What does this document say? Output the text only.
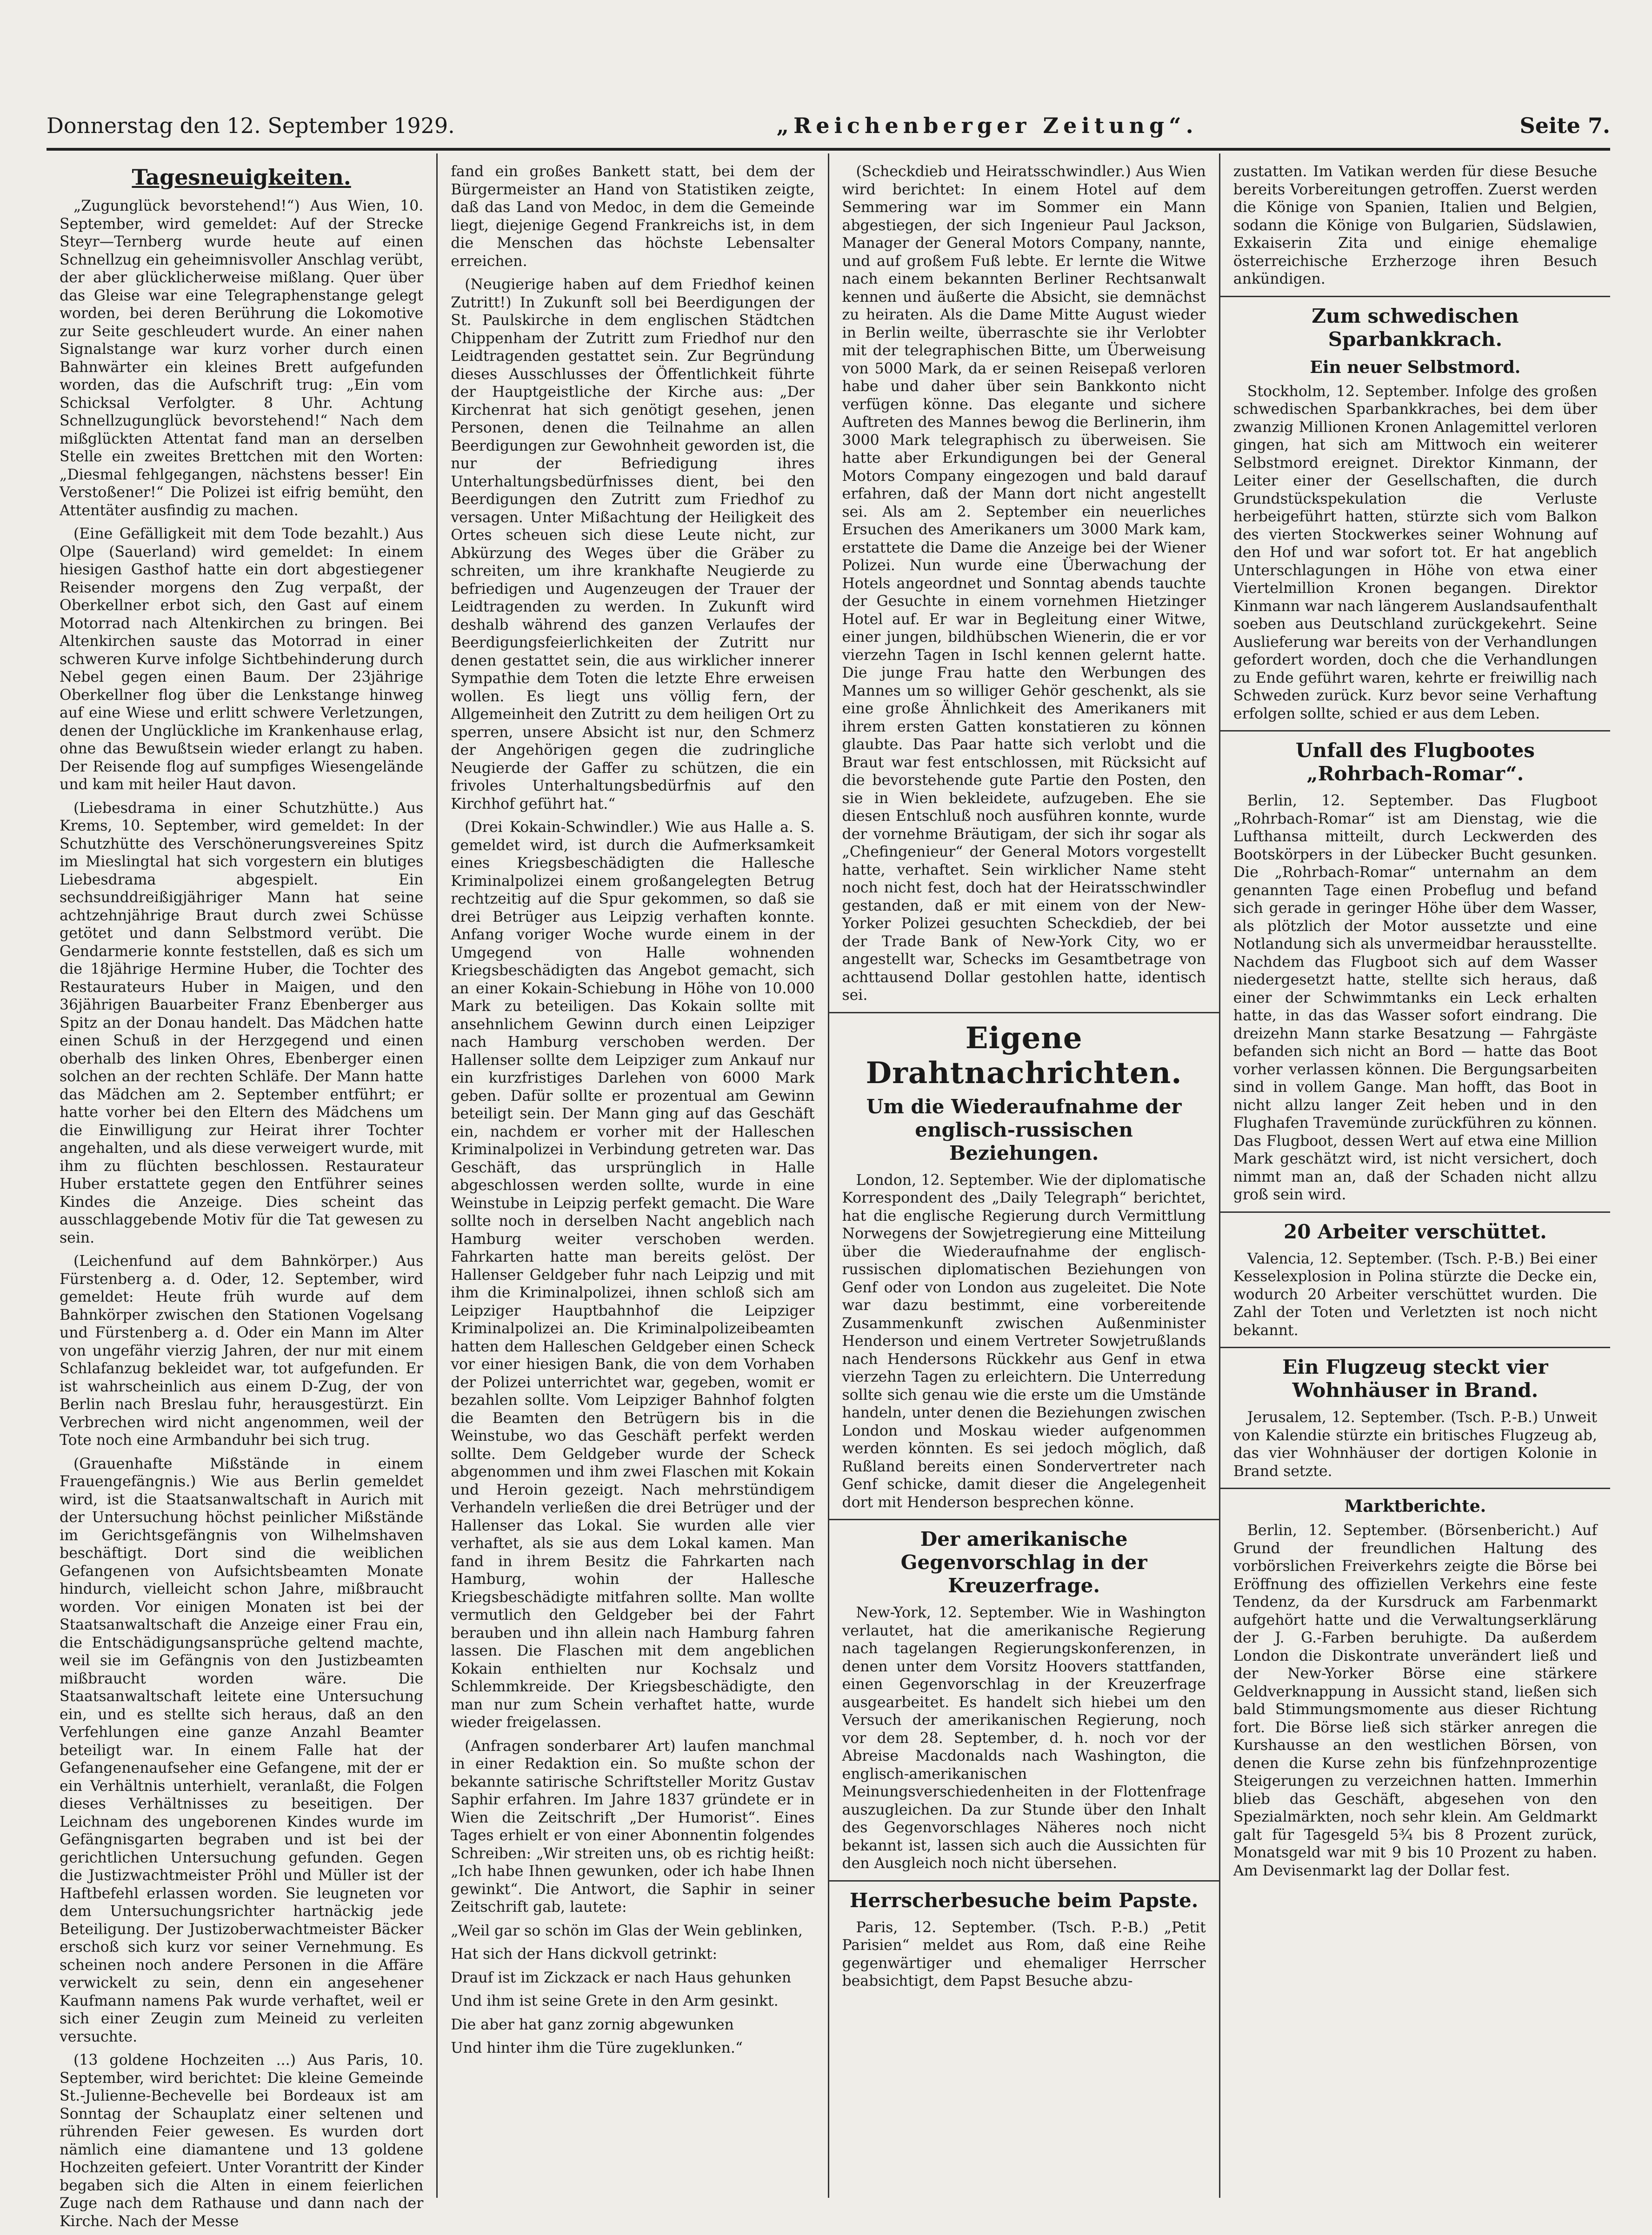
Donnerstag den 12. September 1929.	„Reichenberger Zeitung“.	Seite 7.
Tagesneuigkeiten.

„Zugunglück bevorstehend!“) Aus Wien, 10. September, wird gemeldet: Auf der Strecke Steyr—Ternberg wurde heute auf einen Schnellzug ein geheimnisvoller Anschlag verübt, der aber glücklicherweise mißlang. Quer über das Gleise war eine Telegraphenstange gelegt worden, bei deren Berührung die Lokomotive zur Seite geschleudert wurde. An einer nahen Signalstange war kurz vorher durch einen Bahnwärter ein kleines Brett aufgefunden worden, das die Aufschrift trug: „Ein vom Schicksal Verfolgter. 8 Uhr. Achtung Schnellzugunglück bevorstehend!“ Nach dem mißglückten Attentat fand man an derselben Stelle ein zweites Brettchen mit den Worten: „Diesmal fehlgegangen, nächstens besser! Ein Verstoßener!“ Die Polizei ist eifrig bemüht, den Attentäter ausfindig zu machen.

(Eine Gefälligkeit mit dem Tode bezahlt.) Aus Olpe (Sauerland) wird gemeldet: In einem hiesigen Gasthof hatte ein dort abgestiegener Reisender morgens den Zug verpaßt, der Oberkellner erbot sich, den Gast auf einem Motorrad nach Altenkirchen zu bringen. Bei Altenkirchen sauste das Motorrad in einer schweren Kurve infolge Sichtbehinderung durch Nebel gegen einen Baum. Der 23jährige Oberkellner flog über die Lenkstange hinweg auf eine Wiese und erlitt schwere Verletzungen, denen der Unglückliche im Krankenhause erlag, ohne das Bewußtsein wieder erlangt zu haben. Der Reisende flog auf sumpfiges Wiesengelände und kam mit heiler Haut davon.

(Liebesdrama in einer Schutzhütte.) Aus Krems, 10. September, wird gemeldet: In der Schutzhütte des Verschönerungsvereines Spitz im Mieslingtal hat sich vorgestern ein blutiges Liebesdrama abgespielt. Ein sechsunddreißigjähriger Mann hat seine achtzehnjährige Braut durch zwei Schüsse getötet und dann Selbstmord verübt. Die Gendarmerie konnte feststellen, daß es sich um die 18jährige Hermine Huber, die Tochter des Restaurateurs Huber in Maigen, und den 36jährigen Bauarbeiter Franz Ebenberger aus Spitz an der Donau handelt. Das Mädchen hatte einen Schuß in der Herzgegend und einen oberhalb des linken Ohres, Ebenberger einen solchen an der rechten Schläfe. Der Mann hatte das Mädchen am 2. September entführt; er hatte vorher bei den Eltern des Mädchens um die Einwilligung zur Heirat ihrer Tochter angehalten, und als diese verweigert wurde, mit ihm zu flüchten beschlossen. Restaurateur Huber erstattete gegen den Entführer seines Kindes die Anzeige. Dies scheint das ausschlaggebende Motiv für die Tat gewesen zu sein.

(Leichenfund auf dem Bahnkörper.) Aus Fürstenberg a. d. Oder, 12. September, wird gemeldet: Heute früh wurde auf dem Bahnkörper zwischen den Stationen Vogelsang und Fürstenberg a. d. Oder ein Mann im Alter von ungefähr vierzig Jahren, der nur mit einem Schlafanzug bekleidet war, tot aufgefunden. Er ist wahrscheinlich aus einem D-Zug, der von Berlin nach Breslau fuhr, herausgestürzt. Ein Verbrechen wird nicht angenommen, weil der Tote noch eine Armbanduhr bei sich trug.

(Grauenhafte Mißstände in einem Frauengefängnis.) Wie aus Berlin gemeldet wird, ist die Staatsanwaltschaft in Aurich mit der Untersuchung höchst peinlicher Mißstände im Gerichtsgefängnis von Wilhelmshaven beschäftigt. Dort sind die weiblichen Gefangenen von Aufsichtsbeamten Monate hindurch, vielleicht schon Jahre, mißbraucht worden. Vor einigen Monaten ist bei der Staatsanwaltschaft die Anzeige einer Frau ein, die Entschädigungsansprüche geltend machte, weil sie im Gefängnis von den Justizbeamten mißbraucht worden wäre. Die Staatsanwaltschaft leitete eine Untersuchung ein, und es stellte sich heraus, daß an den Verfehlungen eine ganze Anzahl Beamter beteiligt war. In einem Falle hat der Gefangenenaufseher eine Gefangene, mit der er ein Verhältnis unterhielt, veranlaßt, die Folgen dieses Verhältnisses zu beseitigen. Der Leichnam des ungeborenen Kindes wurde im Gefängnisgarten begraben und ist bei der gerichtlichen Untersuchung gefunden. Gegen die Justizwachtmeister Pröhl und Müller ist der Haftbefehl erlassen worden. Sie leugneten vor dem Untersuchungsrichter hartnäckig jede Beteiligung. Der Justizoberwachtmeister Bäcker erschoß sich kurz vor seiner Vernehmung. Es scheinen noch andere Personen in die Affäre verwickelt zu sein, denn ein angesehener Kaufmann namens Pak wurde verhaftet, weil er sich einer Zeugin zum Meineid zu verleiten versuchte.

(13 goldene Hochzeiten ...) Aus Paris, 10. September, wird berichtet: Die kleine Gemeinde St.-Julienne-Bechevelle bei Bordeaux ist am Sonntag der Schauplatz einer seltenen und rührenden Feier gewesen. Es wurden dort nämlich eine diamantene und 13 goldene Hochzeiten gefeiert. Unter Vorantritt der Kinder begaben sich die Alten in einem feierlichen Zuge nach dem Rathause und dann nach der Kirche. Nach der Messe

fand ein großes Bankett statt, bei dem der Bürgermeister an Hand von Statistiken zeigte, daß das Land von Medoc, in dem die Gemeinde liegt, diejenige Gegend Frankreichs ist, in dem die Menschen das höchste Lebensalter erreichen.

(Neugierige haben auf dem Friedhof keinen Zutritt!) In Zukunft soll bei Beerdigungen der St. Paulskirche in dem englischen Städtchen Chippenham der Zutritt zum Friedhof nur den Leidtragenden gestattet sein. Zur Begründung dieses Ausschlusses der Öffentlichkeit führte der Hauptgeistliche der Kirche aus: „Der Kirchenrat hat sich genötigt gesehen, jenen Personen, denen die Teilnahme an allen Beerdigungen zur Gewohnheit geworden ist, die nur der Befriedigung ihres Unterhaltungsbedürfnisses dient, bei den Beerdigungen den Zutritt zum Friedhof zu versagen. Unter Mißachtung der Heiligkeit des Ortes scheuen sich diese Leute nicht, zur Abkürzung des Weges über die Gräber zu schreiten, um ihre krankhafte Neugierde zu befriedigen und Augenzeugen der Trauer der Leidtragenden zu werden. In Zukunft wird deshalb während des ganzen Verlaufes der Beerdigungsfeierlichkeiten der Zutritt nur denen gestattet sein, die aus wirklicher innerer Sympathie dem Toten die letzte Ehre erweisen wollen. Es liegt uns völlig fern, der Allgemeinheit den Zutritt zu dem heiligen Ort zu sperren, unsere Absicht ist nur, den Schmerz der Angehörigen gegen die zudringliche Neugierde der Gaffer zu schützen, die ein frivoles Unterhaltungsbedürfnis auf den Kirchhof geführt hat.“

(Drei Kokain-Schwindler.) Wie aus Halle a. S. gemeldet wird, ist durch die Aufmerksamkeit eines Kriegsbeschädigten die Hallesche Kriminalpolizei einem großangelegten Betrug rechtzeitig auf die Spur gekommen, so daß sie drei Betrüger aus Leipzig verhaften konnte. Anfang voriger Woche wurde einem in der Umgegend von Halle wohnenden Kriegsbeschädigten das Angebot gemacht, sich an einer Kokain-Schiebung in Höhe von 10.000 Mark zu beteiligen. Das Kokain sollte mit ansehnlichem Gewinn durch einen Leipziger nach Hamburg verschoben werden. Der Hallenser sollte dem Leipziger zum Ankauf nur ein kurzfristiges Darlehen von 6000 Mark geben. Dafür sollte er prozentual am Gewinn beteiligt sein. Der Mann ging auf das Geschäft ein, nachdem er vorher mit der Halleschen Kriminalpolizei in Verbindung getreten war. Das Geschäft, das ursprünglich in Halle abgeschlossen werden sollte, wurde in eine Weinstube in Leipzig perfekt gemacht. Die Ware sollte noch in derselben Nacht angeblich nach Hamburg weiter verschoben werden. Fahrkarten hatte man bereits gelöst. Der Hallenser Geldgeber fuhr nach Leipzig und mit ihm die Kriminalpolizei, ihnen schloß sich am Leipziger Hauptbahnhof die Leipziger Kriminalpolizei an. Die Kriminalpolizeibeamten hatten dem Halleschen Geldgeber einen Scheck vor einer hiesigen Bank, die von dem Vorhaben der Polizei unterrichtet war, gegeben, womit er bezahlen sollte. Vom Leipziger Bahnhof folgten die Beamten den Betrügern bis in die Weinstube, wo das Geschäft perfekt werden sollte. Dem Geldgeber wurde der Scheck abgenommen und ihm zwei Flaschen mit Kokain und Heroin gezeigt. Nach mehrstündigem Verhandeln verließen die drei Betrüger und der Hallenser das Lokal. Sie wurden alle vier verhaftet, als sie aus dem Lokal kamen. Man fand in ihrem Besitz die Fahrkarten nach Hamburg, wohin der Hallesche Kriegsbeschädigte mitfahren sollte. Man wollte vermutlich den Geldgeber bei der Fahrt berauben und ihn allein nach Hamburg fahren lassen. Die Flaschen mit dem angeblichen Kokain enthielten nur Kochsalz und Schlemmkreide. Der Kriegsbeschädigte, den man nur zum Schein verhaftet hatte, wurde wieder freigelassen.

(Anfragen sonderbarer Art) laufen manchmal in einer Redaktion ein. So mußte schon der bekannte satirische Schriftsteller Moritz Gustav Saphir erfahren. Im Jahre 1837 gründete er in Wien die Zeitschrift „Der Humorist“. Eines Tages erhielt er von einer Abonnentin folgendes Schreiben: „Wir streiten uns, ob es richtig heißt: „Ich habe Ihnen gewunken, oder ich habe Ihnen gewinkt“. Die Antwort, die Saphir in seiner Zeitschrift gab, lautete:

„Weil gar so schön im Glas der Wein geblinken,

Hat sich der Hans dickvoll getrinkt:

Drauf ist im Zickzack er nach Haus gehunken

Und ihm ist seine Grete in den Arm gesinkt.

Die aber hat ganz zornig abgewunken

Und hinter ihm die Türe zugeklunken.“

(Scheckdieb und Heiratsschwindler.) Aus Wien wird berichtet: In einem Hotel auf dem Semmering war im Sommer ein Mann abgestiegen, der sich Ingenieur Paul Jackson, Manager der General Motors Company, nannte, und auf großem Fuß lebte. Er lernte die Witwe nach einem bekannten Berliner Rechtsanwalt kennen und äußerte die Absicht, sie demnächst zu heiraten. Als die Dame Mitte August wieder in Berlin weilte, überraschte sie ihr Verlobter mit der telegraphischen Bitte, um Überweisung von 5000 Mark, da er seinen Reisepaß verloren habe und daher über sein Bankkonto nicht verfügen könne. Das elegante und sichere Auftreten des Mannes bewog die Berlinerin, ihm 3000 Mark telegraphisch zu überweisen. Sie hatte aber Erkundigungen bei der General Motors Company eingezogen und bald darauf erfahren, daß der Mann dort nicht angestellt sei. Als am 2. September ein neuerliches Ersuchen des Amerikaners um 3000 Mark kam, erstattete die Dame die Anzeige bei der Wiener Polizei. Nun wurde eine Überwachung der Hotels angeordnet und Sonntag abends tauchte der Gesuchte in einem vornehmen Hietzinger Hotel auf. Er war in Begleitung einer Witwe, einer jungen, bildhübschen Wienerin, die er vor vierzehn Tagen in Ischl kennen gelernt hatte. Die junge Frau hatte den Werbungen des Mannes um so williger Gehör geschenkt, als sie eine große Ähnlichkeit des Amerikaners mit ihrem ersten Gatten konstatieren zu können glaubte. Das Paar hatte sich verlobt und die Braut war fest entschlossen, mit Rücksicht auf die bevorstehende gute Partie den Posten, den sie in Wien bekleidete, aufzugeben. Ehe sie diesen Entschluß noch ausführen konnte, wurde der vornehme Bräutigam, der sich ihr sogar als „Chefingenieur“ der General Motors vorgestellt hatte, verhaftet. Sein wirklicher Name steht noch nicht fest, doch hat der Heiratsschwindler gestanden, daß er mit einem von der New-Yorker Polizei gesuchten Scheckdieb, der bei der Trade Bank of New-York City, wo er angestellt war, Schecks im Gesamtbetrage von achttausend Dollar gestohlen hatte, identisch sei.

Eigene Drahtnachrichten.
Um die Wiederaufnahme der englisch-russischen Beziehungen.

London, 12. September. Wie der diplomatische Korrespondent des „Daily Telegraph“ berichtet, hat die englische Regierung durch Vermittlung Norwegens der Sowjetregierung eine Mitteilung über die Wiederaufnahme der englisch-russischen diplomatischen Beziehungen von Genf oder von London aus zugeleitet. Die Note war dazu bestimmt, eine vorbereitende Zusammenkunft zwischen Außenminister Henderson und einem Vertreter Sowjetrußlands nach Hendersons Rückkehr aus Genf in etwa vierzehn Tagen zu erleichtern. Die Unterredung sollte sich genau wie die erste um die Umstände handeln, unter denen die Beziehungen zwischen London und Moskau wieder aufgenommen werden könnten. Es sei jedoch möglich, daß Rußland bereits einen Sondervertreter nach Genf schicke, damit dieser die Angelegenheit dort mit Henderson besprechen könne.

Der amerikanische Gegenvorschlag in der Kreuzerfrage.

New-York, 12. September. Wie in Washington verlautet, hat die amerikanische Regierung nach tagelangen Regierungskonferenzen, in denen unter dem Vorsitz Hoovers stattfanden, einen Gegenvorschlag in der Kreuzerfrage ausgearbeitet. Es handelt sich hiebei um den Versuch der amerikanischen Regierung, noch vor dem 28. September, d. h. noch vor der Abreise Macdonalds nach Washington, die englisch-amerikanischen Meinungsverschiedenheiten in der Flottenfrage auszugleichen. Da zur Stunde über den Inhalt des Gegenvorschlages Näheres noch nicht bekannt ist, lassen sich auch die Aussichten für den Ausgleich noch nicht übersehen.

Herrscherbesuche beim Papste.

Paris, 12. September. (Tsch. P.-B.) „Petit Parisien“ meldet aus Rom, daß eine Reihe gegenwärtiger und ehemaliger Herrscher beabsichtigt, dem Papst Besuche abzu-

zustatten. Im Vatikan werden für diese Besuche bereits Vorbereitungen getroffen. Zuerst werden die Könige von Spanien, Italien und Belgien, sodann die Könige von Bulgarien, Südslawien, Exkaiserin Zita und einige ehemalige österreichische Erzherzoge ihren Besuch ankündigen.

Zum schwedischen Sparbankkrach.
Ein neuer Selbstmord.

Stockholm, 12. September. Infolge des großen schwedischen Sparbankkraches, bei dem über zwanzig Millionen Kronen Anlagemittel verloren gingen, hat sich am Mittwoch ein weiterer Selbstmord ereignet. Direktor Kinmann, der Leiter einer der Gesellschaften, die durch Grundstückspekulation die Verluste herbeigeführt hatten, stürzte sich vom Balkon des vierten Stockwerkes seiner Wohnung auf den Hof und war sofort tot. Er hat angeblich Unterschlagungen in Höhe von etwa einer Viertelmillion Kronen begangen. Direktor Kinmann war nach längerem Auslandsaufenthalt soeben aus Deutschland zurückgekehrt. Seine Auslieferung war bereits von der Verhandlungen gefordert worden, doch che die Verhandlungen zu Ende geführt waren, kehrte er freiwillig nach Schweden zurück. Kurz bevor seine Verhaftung erfolgen sollte, schied er aus dem Leben.

Unfall des Flugbootes „Rohrbach-Romar“.

Berlin, 12. September. Das Flugboot „Rohrbach-Romar“ ist am Dienstag, wie die Lufthansa mitteilt, durch Leckwerden des Bootskörpers in der Lübecker Bucht gesunken. Die „Rohrbach-Romar“ unternahm an dem genannten Tage einen Probeflug und befand sich gerade in geringer Höhe über dem Wasser, als plötzlich der Motor aussetzte und eine Notlandung sich als unvermeidbar herausstellte. Nachdem das Flugboot sich auf dem Wasser niedergesetzt hatte, stellte sich heraus, daß einer der Schwimmtanks ein Leck erhalten hatte, in das das Wasser sofort eindrang. Die dreizehn Mann starke Besatzung — Fahrgäste befanden sich nicht an Bord — hatte das Boot vorher verlassen können. Die Bergungsarbeiten sind in vollem Gange. Man hofft, das Boot in nicht allzu langer Zeit heben und in den Flughafen Travemünde zurückführen zu können. Das Flugboot, dessen Wert auf etwa eine Million Mark geschätzt wird, ist nicht versichert, doch nimmt man an, daß der Schaden nicht allzu groß sein wird.

20 Arbeiter verschüttet.

Valencia, 12. September. (Tsch. P.-B.) Bei einer Kesselexplosion in Polina stürzte die Decke ein, wodurch 20 Arbeiter verschüttet wurden. Die Zahl der Toten und Verletzten ist noch nicht bekannt.

Ein Flugzeug steckt vier Wohnhäuser in Brand.

Jerusalem, 12. September. (Tsch. P.-B.) Unweit von Kalendie stürzte ein britisches Flugzeug ab, das vier Wohnhäuser der dortigen Kolonie in Brand setzte.

Marktberichte.

Berlin, 12. September. (Börsenbericht.) Auf Grund der freundlichen Haltung des vorbörslichen Freiverkehrs zeigte die Börse bei Eröffnung des offiziellen Verkehrs eine feste Tendenz, da der Kursdruck am Farbenmarkt aufgehört hatte und die Verwaltungserklärung der J. G.-Farben beruhigte. Da außerdem London die Diskontrate unverändert ließ und der New-Yorker Börse eine stärkere Geldverknappung in Aussicht stand, ließen sich bald Stimmungsmomente aus dieser Richtung fort. Die Börse ließ sich stärker anregen die Kurshausse an den westlichen Börsen, von denen die Kurse zehn bis fünfzehnprozentige Steigerungen zu verzeichnen hatten. Immerhin blieb das Geschäft, abgesehen von den Spezialmärkten, noch sehr klein. Am Geldmarkt galt für Tagesgeld 5¾ bis 8 Prozent zurück, Monatsgeld war mit 9 bis 10 Prozent zu haben. Am Devisenmarkt lag der Dollar fest.
